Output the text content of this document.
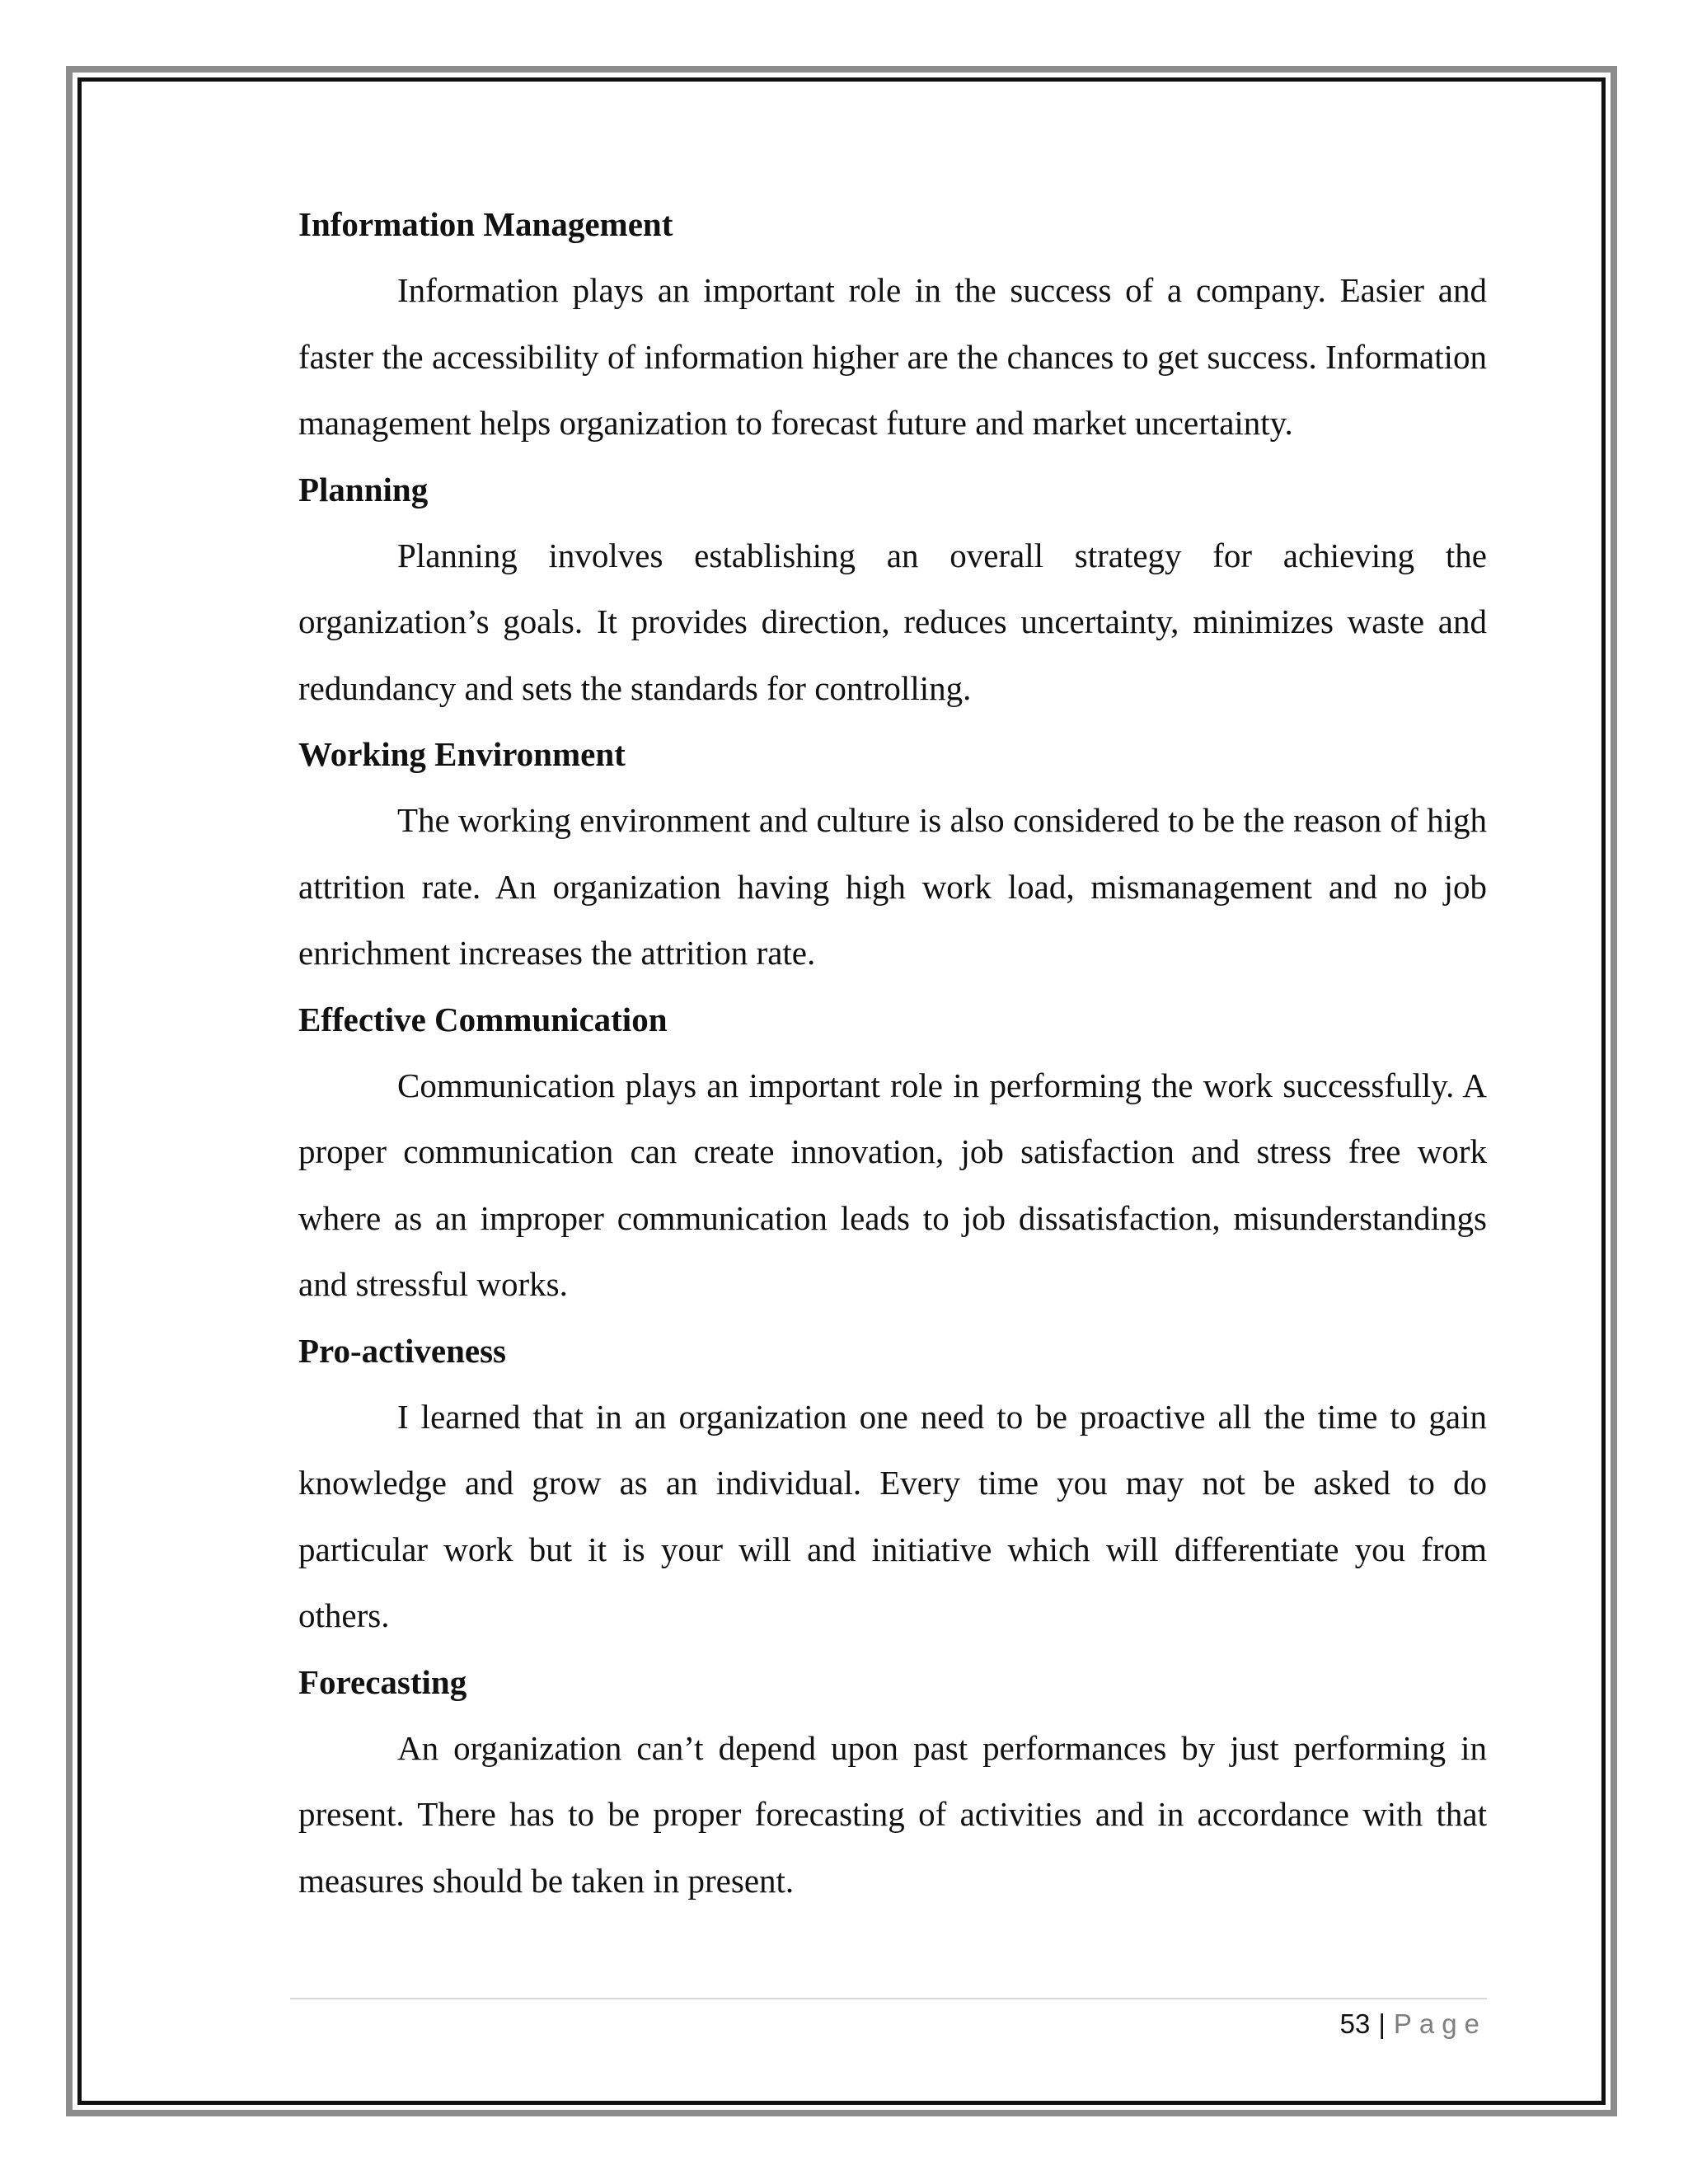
Information Management

Information plays an important role in the success of a company. Easier and faster the accessibility of information higher are the chances to get success. Information management helps organization to forecast future and market uncertainty.

Planning

Planning involves establishing an overall strategy for achieving the organization’s goals. It provides direction, reduces uncertainty, minimizes waste and redundancy and sets the standards for controlling.

Working Environment

The working environment and culture is also considered to be the reason of high attrition rate. An organization having high work load, mismanagement and no job enrichment increases the attrition rate.

Effective Communication

Communication plays an important role in performing the work successfully. A proper communication can create innovation, job satisfaction and stress free work where as an improper communication leads to job dissatisfaction, misunderstandings and stressful works.

Pro-activeness

I learned that in an organization one need to be proactive all the time to gain knowledge and grow as an individual. Every time you may not be asked to do particular work but it is your will and initiative which will differentiate you from others.

Forecasting

An organization can’t depend upon past performances by just performing in present. There has to be proper forecasting of activities and in accordance with that measures should be taken in present.

53 | Page
